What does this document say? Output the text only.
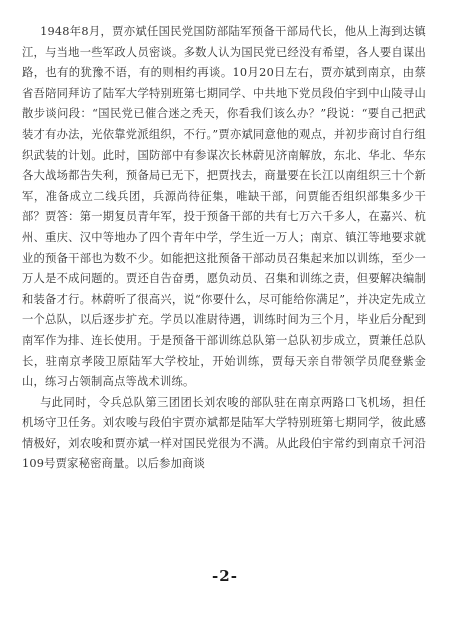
1948年8月，贾亦斌任国民党国防部陆军预备干部局代长，他从上海到达镇江，与当地一些军政人员密谈。多数人认为国民党已经没有希望，各人要自谋出路，也有的犹豫不语，有的则相约再谈。10月20日左右，贾亦斌到南京，由蔡省吾陪同拜访了陆军大学特别班第七期同学、中共地下党员段伯宇到中山陵寻山散步谈问段：“国民党已催合迷之秃天，你看我们该么办？”段说：“要自己把武装才有办法，光依靠党派组织，不行。”贾亦斌同意他的观点，并初步商讨自行组织武装的计划。此时，国防部中有参谋次长林蔚见济南解放，东北、华北、华东各大战场都告失利，预备局已无下，把贾找去，商量要在长江以南组织三十个新军，准备成立二线兵团，兵源尚待征集，唯缺干部，问贾能否组织部集多少干部？贾答：第一期复员青年军，投于预备干部的共有七万六千多人，在嘉兴、杭州、重庆、汉中等地办了四个青年中学，学生近一万人；南京、镇江等地要求就业的预备干部也为数不少。如能把这批预备干部动员召集起来加以训练，至少一万人是不成问题的。贾还自告奋勇，愿负动员、召集和训练之责，但要解决编制和装备才行。林蔚听了很高兴，说“你要什么，尽可能给你满足”，并决定先成立一个总队，以后逐步扩充。学员以准尉待遇，训练时间为三个月，毕业后分配到南军作为排、连长使用。于是预备干部训练总队第一总队初步成立，贾兼任总队长，驻南京孝陵卫原陆军大学校址，开始训练，贾每天亲自带领学员爬登紫金山，练习占领制高点等战术训练。

与此同时，令兵总队第三团团长刘农唆的部队驻在南京两路口飞机场，担任机场守卫任务。刘农唆与段伯宇贾亦斌都是陆军大学特别班第七期同学，彼此感情极好，刘农唆和贾亦斌一样对国民党很为不满。从此段伯宇常约到南京千河沿109号贾家秘密商量。以后参加商谈

-2-
